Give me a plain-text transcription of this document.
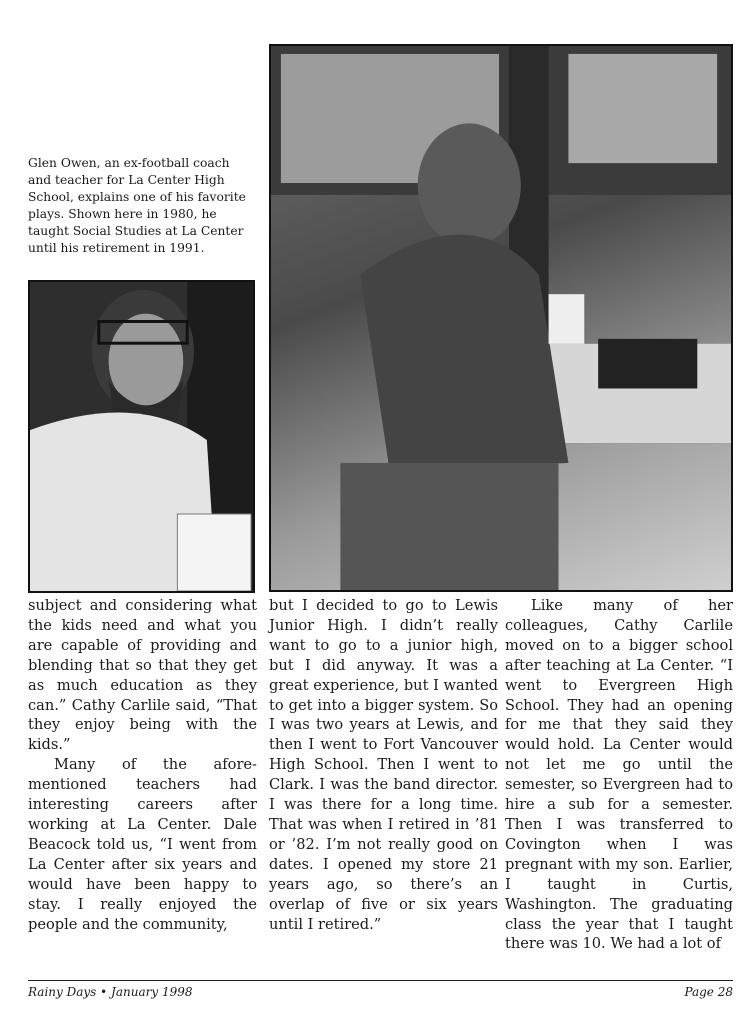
Glen Owen, an ex-football coach and teacher for La Center High School, explains one of his favorite plays. Shown here in 1980, he taught Social Studies at La Center until his retirement in 1991.

subject and considering what the kids need and what you are capable of providing and blending that so that they get as much education as they can.” Cathy Carlile said, “That they enjoy being with the kids.”

Many of the afore-mentioned teachers had interesting careers after working at La Center. Dale Beacock told us, “I went from La Center after six years and would have been happy to stay. I really enjoyed the people and the community,

but I decided to go to Lewis Junior High. I didn’t really want to go to a junior high, but I did anyway. It was a great experience, but I wanted to get into a bigger system. So I was two years at Lewis, and then I went to Fort Vancouver High School. Then I went to Clark. I was the band director. I was there for a long time. That was when I retired in ’81 or ’82. I’m not really good on dates. I opened my store 21 years ago, so there’s an overlap of five or six years until I retired.”

Like many of her colleagues, Cathy Carlile moved on to a bigger school after teaching at La Center. “I went to Evergreen High School. They had an opening for me that they said they would hold. La Center would not let me go until the semester, so Evergreen had to hire a sub for a semester. Then I was transferred to Covington when I was pregnant with my son. Earlier, I taught in Curtis, Washington. The graduating class the year that I taught there was 10. We had a lot of

Rainy Days • January 1998	Page 28
